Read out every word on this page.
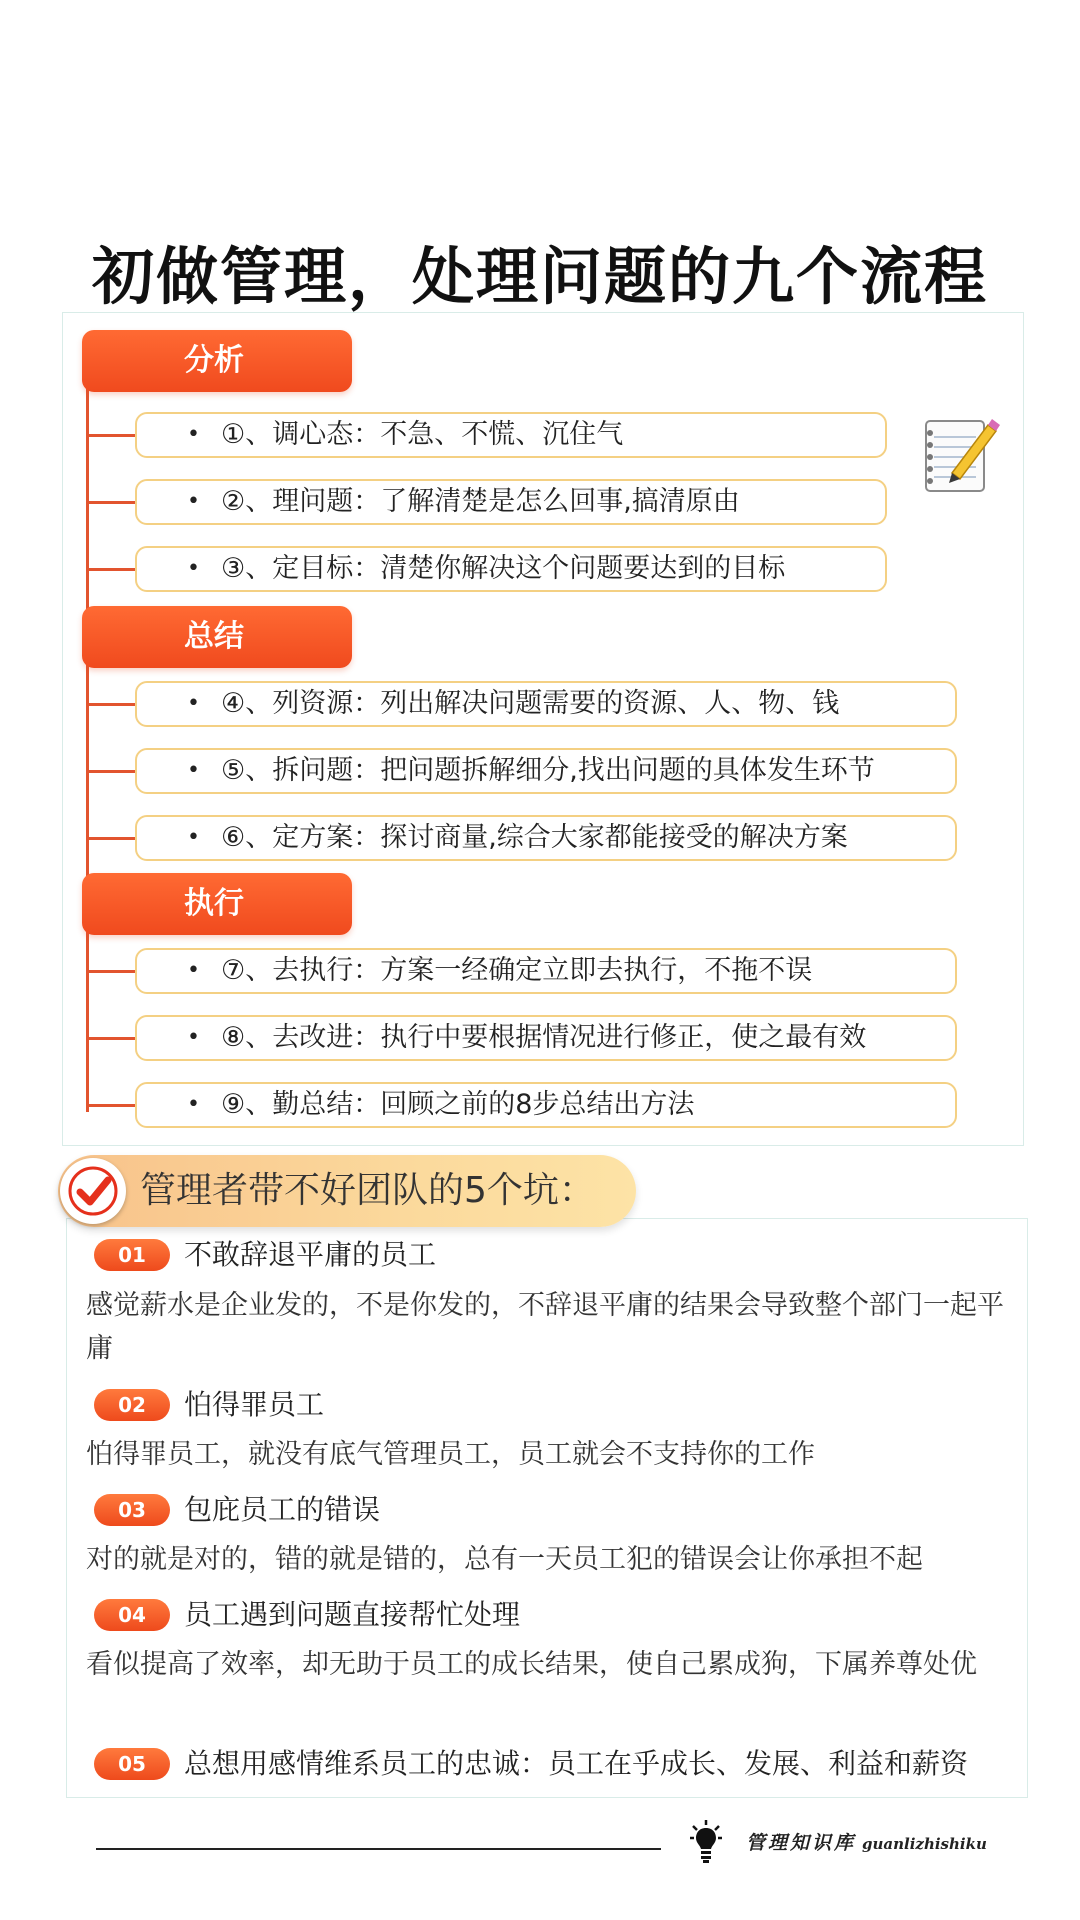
初做管理，处理问题的九个流程
分析
• ①、调心态：不急、不慌、沉住气
• ②、理问题：了解清楚是怎么回事,搞清原由
• ③、定目标：清楚你解决这个问题要达到的目标
总结
• ④、列资源：列出解决问题需要的资源、人、物、钱
• ⑤、拆问题：把问题拆解细分,找出问题的具体发生环节
• ⑥、定方案：探讨商量,综合大家都能接受的解决方案
执行
• ⑦、去执行：方案一经确定立即去执行，不拖不误
• ⑧、去改进：执行中要根据情况进行修正，使之最有效
• ⑨、勤总结：回顾之前的8步总结出方法
管理者带不好团队的5个坑：
01	不敢辞退平庸的员工
感觉薪水是企业发的，不是你发的，不辞退平庸的结果会导致整个部门一起平庸
02	怕得罪员工
怕得罪员工，就没有底气管理员工，员工就会不支持你的工作
03	包庇员工的错误
对的就是对的，错的就是错的，总有一天员工犯的错误会让你承担不起
04	员工遇到问题直接帮忙处理
看似提高了效率，却无助于员工的成长结果，使自己累成狗，下属养尊处优
05	总想用感情维系员工的忠诚：员工在乎成长、发展、利益和薪资
管理知识库 guanlizhishiku
